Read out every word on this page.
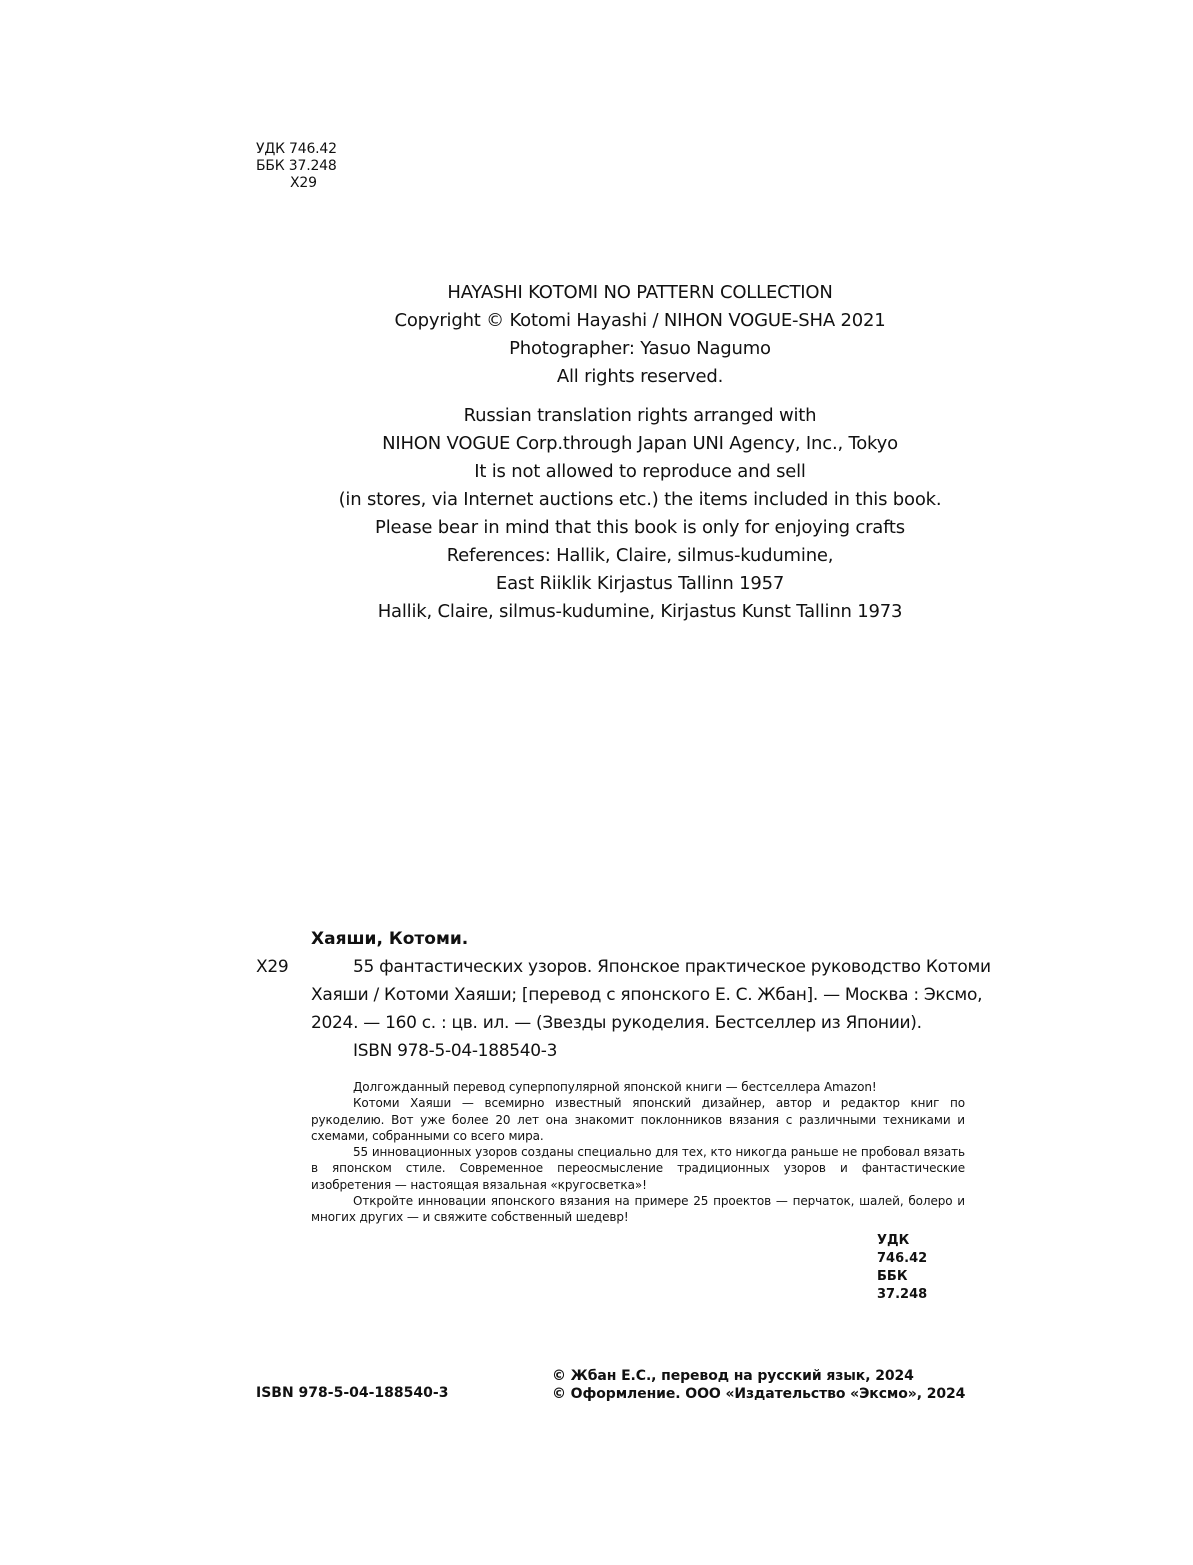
УДК 746.42
ББК 37.248
Х29
HAYASHI KOTOMI NO PATTERN COLLECTION
Copyright © Kotomi Hayashi / NIHON VOGUE-SHA 2021
Photographer: Yasuo Nagumo
All rights reserved.
Russian translation rights arranged with
NIHON VOGUE Corp.through Japan UNI Agency, Inc., Tokyo
It is not allowed to reproduce and sell
(in stores, via Internet auctions etc.) the items included in this book.
Please bear in mind that this book is only for enjoying crafts
References: Hallik, Claire, silmus-kudumine,
East Riiklik Kirjastus Tallinn 1957
Hallik, Claire, silmus-kudumine, Kirjastus Kunst Tallinn 1973
Хаяши, Котоми.
Х29	55 фантастических узоров. Японское практическое руководство Котоми
Хаяши / Котоми Хаяши; [перевод с японского Е. С. Жбан]. — Москва : Эксмо,
2024. — 160 с. : цв. ил. — (Звезды рукоделия. Бестселлер из Японии).
ISBN 978-5-04-188540-3

Долгожданный перевод суперпопулярной японской книги — бестселлера Amazon!

Котоми Хаяши — всемирно известный японский дизайнер, автор и редактор книг по рукоделию. Вот уже более 20 лет она знакомит поклонников вязания с различными техниками и схемами, собранными со всего мира.

55 инновационных узоров созданы специально для тех, кто никогда раньше не пробовал вязать в японском стиле. Современное переосмысление традиционных узоров и фантастические изобретения — настоящая вязальная «кругосветка»!

Откройте инновации японского вязания на примере 25 проектов — перчаток, шалей, болеро и многих других — и свяжите собственный шедевр!

УДК 746.42
ББК 37.248
ISBN 978-5-04-188540-3
© Жбан Е.С., перевод на русский язык, 2024
© Оформление. ООО «Издательство «Эксмо», 2024
